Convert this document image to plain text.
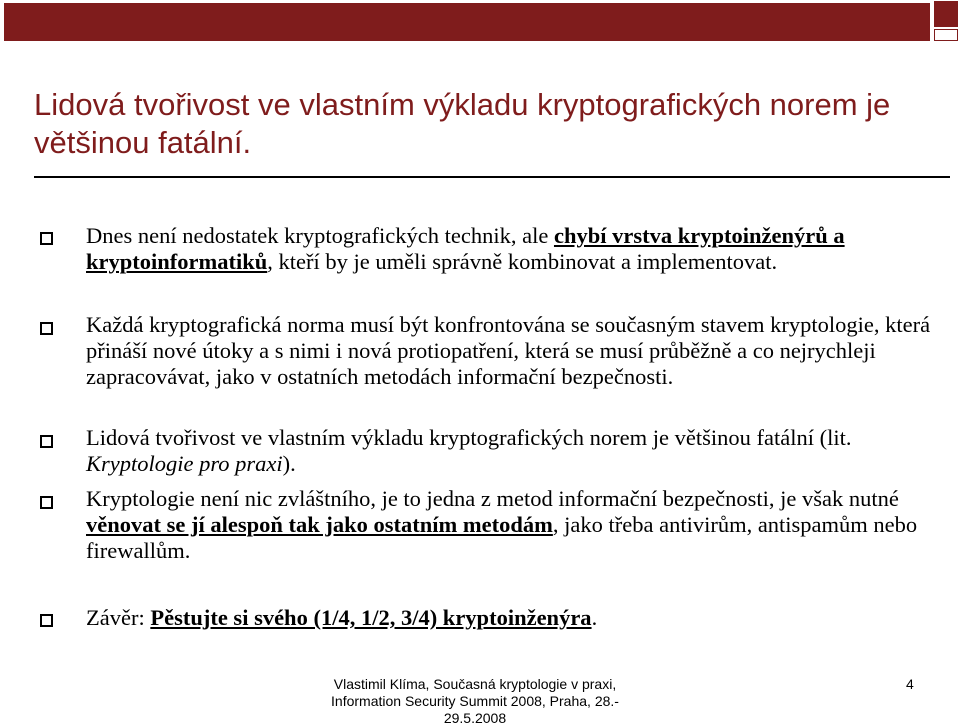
Lidová tvořivost ve vlastním výkladu kryptografických norem je většinou fatální.
Dnes není nedostatek kryptografických technik, ale chybí vrstva kryptoinženýrů a kryptoinformatiků, kteří by je uměli správně kombinovat a implementovat.
Každá kryptografická norma musí být konfrontována se současným stavem kryptologie, která přináší nové útoky a s nimi i nová protiopatření, která se musí průběžně a co nejrychleji zapracovávat, jako v ostatních metodách informační bezpečnosti.
Lidová tvořivost ve vlastním výkladu kryptografických norem je většinou fatální (lit. Kryptologie pro praxi).
Kryptologie není nic zvláštního, je to jedna z metod informační bezpečnosti, je však nutné věnovat se jí alespoň tak jako ostatním metodám, jako třeba antivirům, antispamům nebo firewallům.
Závěr: Pěstujte si svého (1/4, 1/2, 3/4) kryptoinženýra.
Vlastimil Klíma, Současná kryptologie v praxi,
Information Security Summit 2008, Praha, 28.-
29.5.2008
4
